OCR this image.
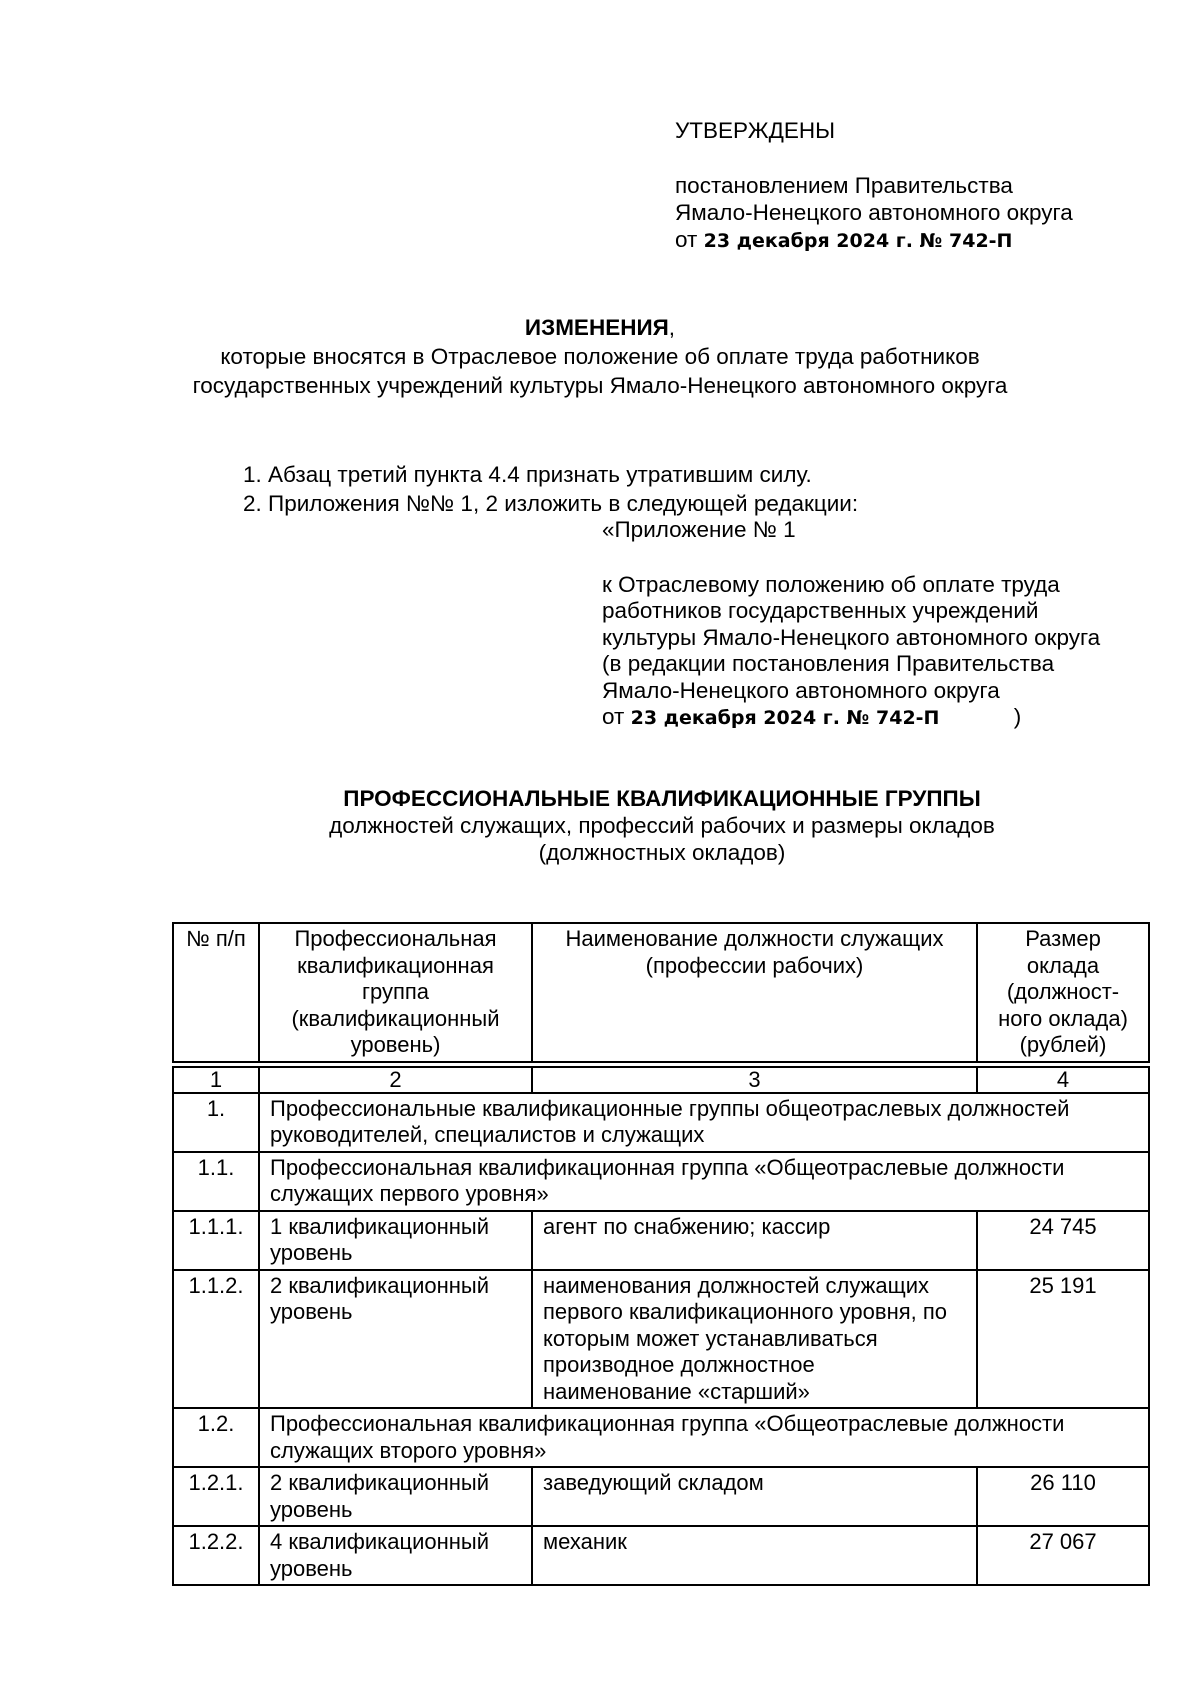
УТВЕРЖДЕНЫ
постановлением Правительства
Ямало-Ненецкого автономного округа
от 23 декабря 2024 г. № 742-П
ИЗМЕНЕНИЯ,
которые вносятся в Отраслевое положение об оплате труда работников
государственных учреждений культуры Ямало-Ненецкого автономного округа
1. Абзац третий пункта 4.4 признать утратившим силу.
2. Приложения №№ 1, 2 изложить в следующей редакции:
«Приложение № 1
к Отраслевому положению об оплате труда
работников государственных учреждений
культуры Ямало-Ненецкого автономного округа
(в редакции постановления Правительства
Ямало-Ненецкого автономного округа
от 23 декабря 2024 г. № 742-П	)
ПРОФЕССИОНАЛЬНЫЕ КВАЛИФИКАЦИОННЫЕ ГРУППЫ
должностей служащих, профессий рабочих и размеры окладов
(должностных окладов)
№ п/п	Профессиональная квалификационная группа (квалификационный уровень)	Наименование должности служащих (профессии рабочих)	Размер оклада (должност-ного оклада) (рублей)

1	2	3	4
1.	Профессиональные квалификационные группы общеотраслевых должностей руководителей, специалистов и служащих		
1.1.	Профессиональная квалификационная группа «Общеотраслевые должности служащих первого уровня»		
1.1.1.	1 квалификационный уровень	агент по снабжению; кассир	24 745
1.1.2.	2 квалификационный уровень	наименования должностей служащих первого квалификационного уровня, по которым может устанавливаться производное должностное наименование «старший»	25 191
1.2.	Профессиональная квалификационная группа «Общеотраслевые должности служащих второго уровня»		
1.2.1.	2 квалификационный уровень	заведующий складом	26 110
1.2.2.	4 квалификационный уровень	механик	27 067
